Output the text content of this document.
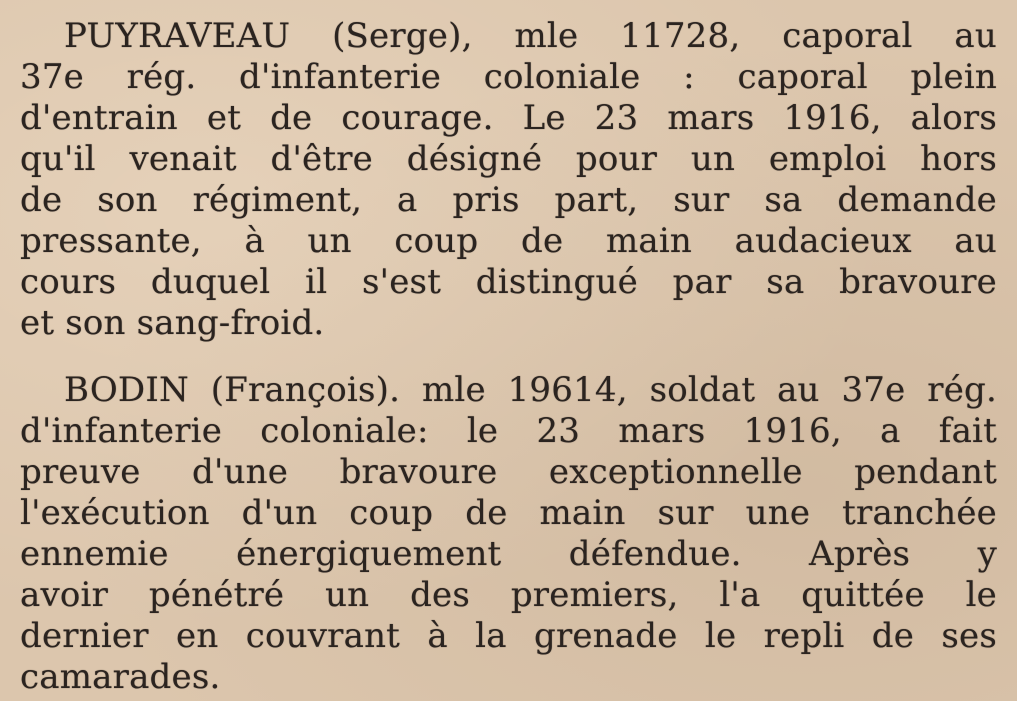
PUYRAVEAU (Serge), mle 11728, caporal au
37e rég. d'infanterie coloniale : caporal plein
d'entrain et de courage. Le 23 mars 1916, alors
qu'il venait d'être désigné pour un emploi hors
de son régiment, a pris part, sur sa demande
pressante, à un coup de main audacieux au
cours duquel il s'est distingué par sa bravoure
et son sang-froid.
BODIN (François). mle 19614, soldat au 37e rég.
d'infanterie coloniale: le 23 mars 1916, a fait
preuve d'une bravoure exceptionnelle pendant
l'exécution d'un coup de main sur une tranchée
ennemie énergiquement défendue. Après y
avoir pénétré un des premiers, l'a quittée le
dernier en couvrant à la grenade le repli de ses
camarades.
